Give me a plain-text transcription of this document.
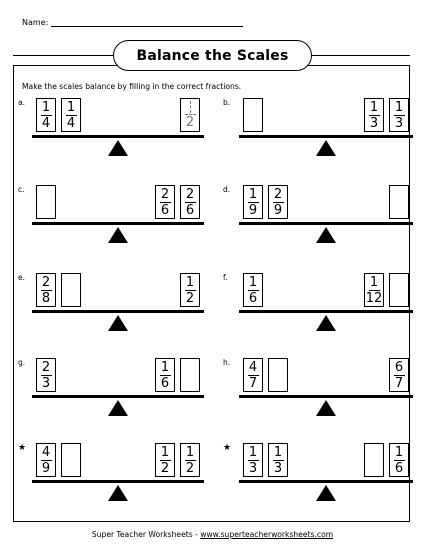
Name:
Balance the Scales
Make the scales balance by filling in the correct fractions.
a. 1
4
1
4	2
b.	1
3
1
3
c.	2
6
2
6
d. 1
9
2
9
e. 2
8
1
2
f. 1
6
1
12
g. 2
3
1
6
h. 4
7
6
7
★ 4
9
1
2
1
2
★ 1
3
1
3
1
6
Super Teacher Worksheets - www.superteacherworksheets.com
